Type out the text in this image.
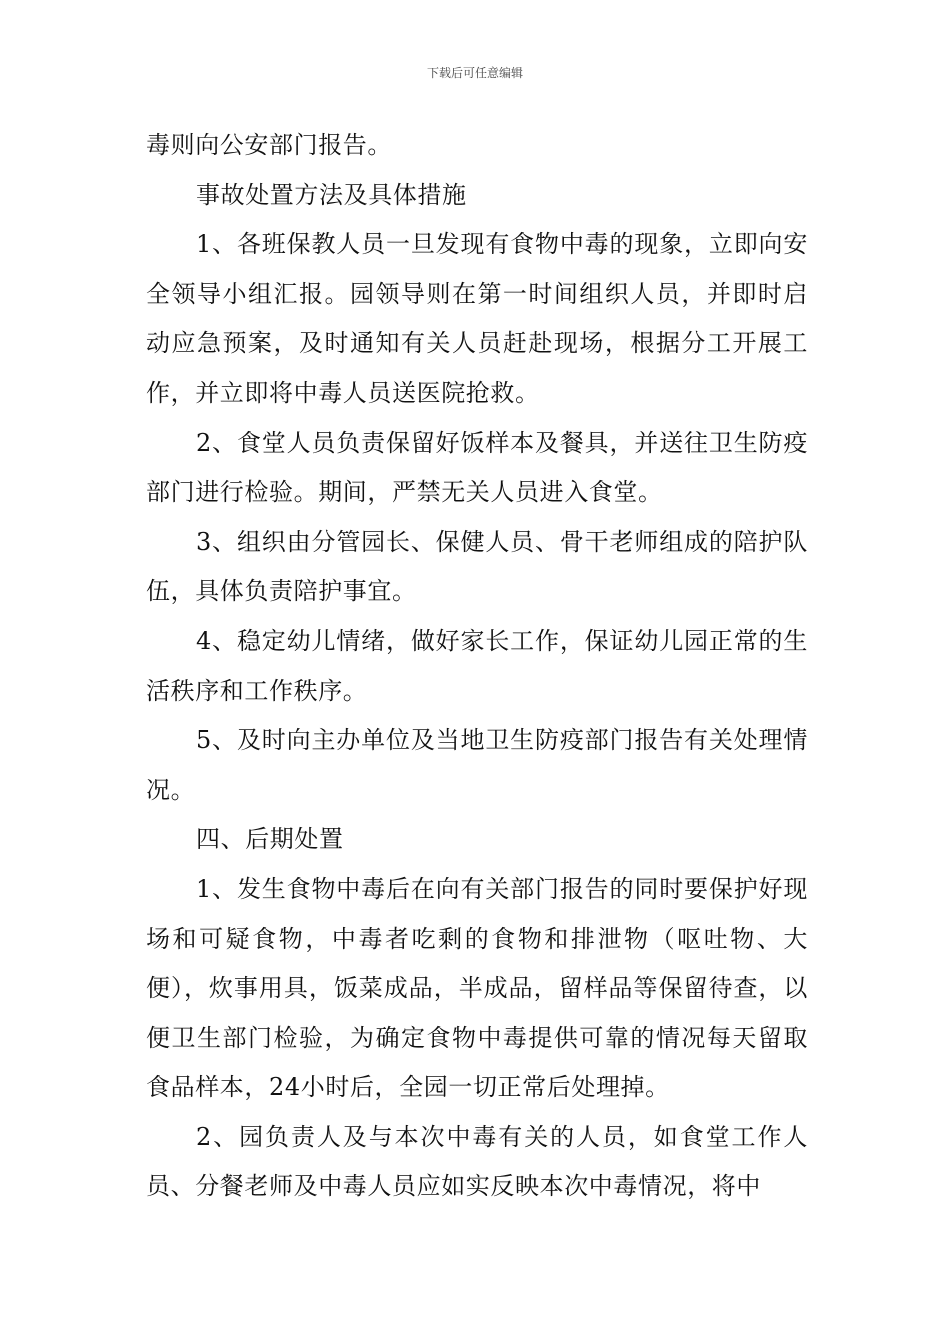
下载后可任意编辑

毒则向公安部门报告。

事故处置方法及具体措施

1、各班保教人员一旦发现有食物中毒的现象，立即向安全领导小组汇报。园领导则在第一时间组织人员，并即时启动应急预案，及时通知有关人员赶赴现场，根据分工开展工作，并立即将中毒人员送医院抢救。

2、食堂人员负责保留好饭样本及餐具，并送往卫生防疫部门进行检验。期间，严禁无关人员进入食堂。

3、组织由分管园长、保健人员、骨干老师组成的陪护队伍，具体负责陪护事宜。

4、稳定幼儿情绪，做好家长工作，保证幼儿园正常的生活秩序和工作秩序。

5、及时向主办单位及当地卫生防疫部门报告有关处理情况。

四、后期处置

1、发生食物中毒后在向有关部门报告的同时要保护好现场和可疑食物，中毒者吃剩的食物和排泄物（呕吐物、大便），炊事用具，饭菜成品，半成品，留样品等保留待查，以便卫生部门检验，为确定食物中毒提供可靠的情况每天留取食品样本，24小时后，全园一切正常后处理掉。

2、园负责人及与本次中毒有关的人员，如食堂工作人员、分餐老师及中毒人员应如实反映本次中毒情况，将中
